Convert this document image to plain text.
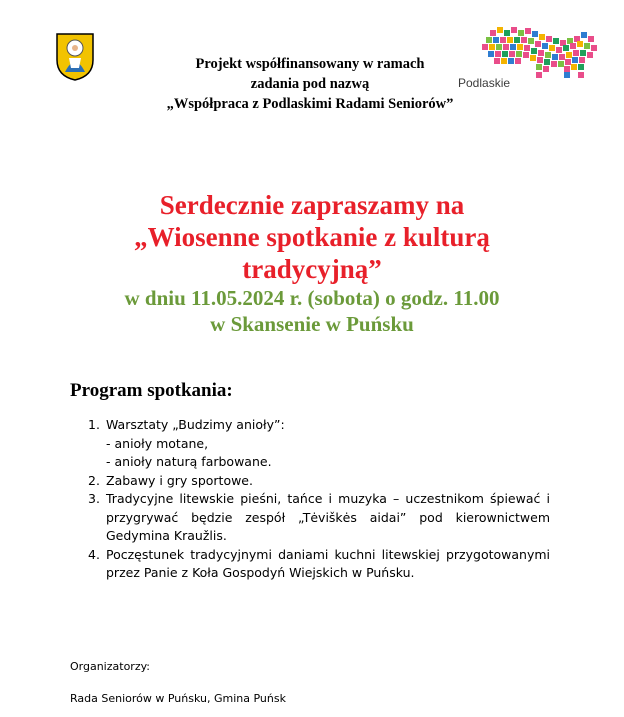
Projekt współfinansowany w ramach
zadania pod nazwą
„Współpraca z Podlaskimi Radami Seniorów”
Podlaskie
Serdecznie zapraszamy na
„Wiosenne spotkanie z kulturą
tradycyjną”
w dniu 11.05.2024 r. (sobota) o godz. 11.00
w Skansenie w Puńsku
Program spotkania:
1. Warsztaty „Budzimy anioły”:
- anioły motane,
- anioły naturą farbowane.
2. Zabawy i gry sportowe.
3. Tradycyjne litewskie pieśni, tańce i muzyka – uczestnikom śpiewać i przygrywać będzie zespół „Tėviškės aidai” pod kierownictwem Gedymina Kraužlis.
4. Poczęstunek tradycyjnymi daniami kuchni litewskiej przygotowanymi przez Panie z Koła Gospodyń Wiejskich w Puńsku.
Organizatorzy:
Rada Seniorów w Puńsku, Gmina Puńsk
